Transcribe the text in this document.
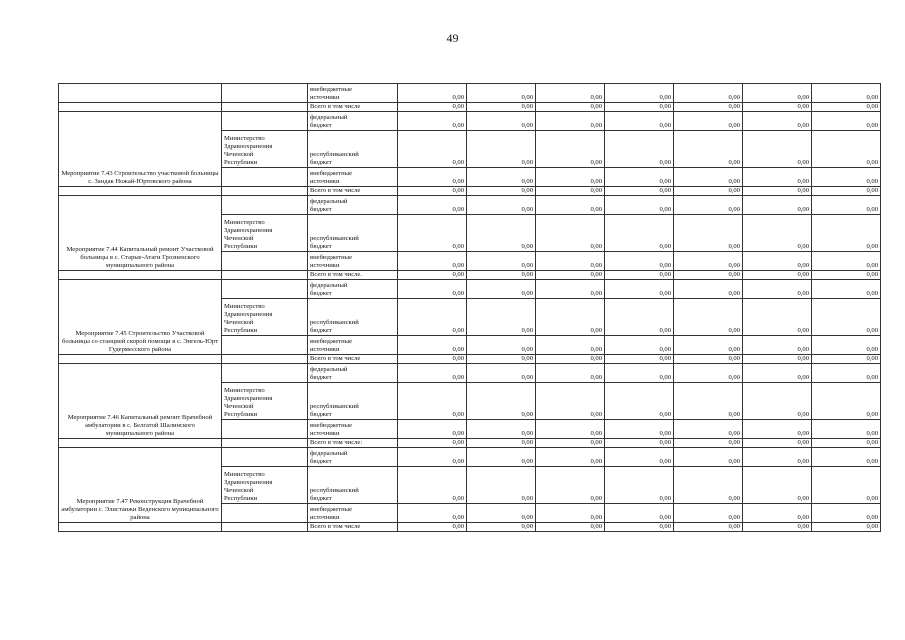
49

		внебюджетные
источники	0,00	0,00	0,00	0,00	0,00	0,00	0,00

		Всего в том числе	0,00	0,00	0,00	0,00	0,00	0,00	0,00
Мероприятие 7.43 Строительство участковой больницы с. Зандак Ножай-Юртовского района		федеральный
бюджет	0,00	0,00	0,00	0,00	0,00	0,00	0,00

	Министерство
Здравоохранения
Чеченской
Республики	республиканский
бюджет	0,00	0,00	0,00	0,00	0,00	0,00	0,00

		внебюджетные
источники	0,00	0,00	0,00	0,00	0,00	0,00	0,00

		Всего в том числе	0,00	0,00	0,00	0,00	0,00	0,00	0,00
Мероприятие 7.44 Капитальный ремонт Участковой больницы в с. Старые-Атаги Грозненского муниципального района		федеральный
бюджет	0,00	0,00	0,00	0,00	0,00	0,00	0,00

	Министерство
Здравоохранения
Чеченской
Республики	республиканский
бюджет	0,00	0,00	0,00	0,00	0,00	0,00	0,00

		внебюджетные
источники	0,00	0,00	0,00	0,00	0,00	0,00	0,00

		Всего в том числе.	0,00	0,00	0,00	0,00	0,00	0,00	0,00
Мероприятие 7.45 Строительство Участковой больницы со станцией скорой помощи в с. Энгель-Юрт Гудермесского района		федеральный
бюджет	0,00	0,00	0,00	0,00	0,00	0,00	0,00

	Министерство
Здравоохранения
Чеченской
Республики	республиканский
бюджет	0,00	0,00	0,00	0,00	0,00	0,00	0,00

		внебюджетные
источники	0,00	0,00	0,00	0,00	0,00	0,00	0,00

		Всего в том числе	0,00	0,00	0,00	0,00	0,00	0,00	0,00
Мероприятие 7.46 Капитальный ремонт Врачебной амбулатории в с. Белгатой Шалинского муниципального района		федеральный
бюджет	0,00	0,00	0,00	0,00	0,00	0,00	0,00

	Министерство
Здравоохранения
Чеченской
Республики	республиканский
бюджет	0,00	0,00	0,00	0,00	0,00	0,00	0,00

		внебюджетные
источники	0,00	0,00	0,00	0,00	0,00	0,00	0,00

		Всего в том числе:	0,00	0,00	0,00	0,00	0,00	0,00	0,00
Мероприятие 7.47 Реконструкция Врачебной амбулатории с. Элистанжи Веденского муниципального района		федеральный
бюджет	0,00	0,00	0,00	0,00	0,00	0,00	0,00

	Министерство
Здравоохранения
Чеченской
Республики	республиканский
бюджет	0,00	0,00	0,00	0,00	0,00	0,00	0,00

		внебюджетные
источники	0,00	0,00	0,00	0,00	0,00	0,00	0,00

		Всего в том числе	0,00	0,00	0,00	0,00	0,00	0,00	0,00
